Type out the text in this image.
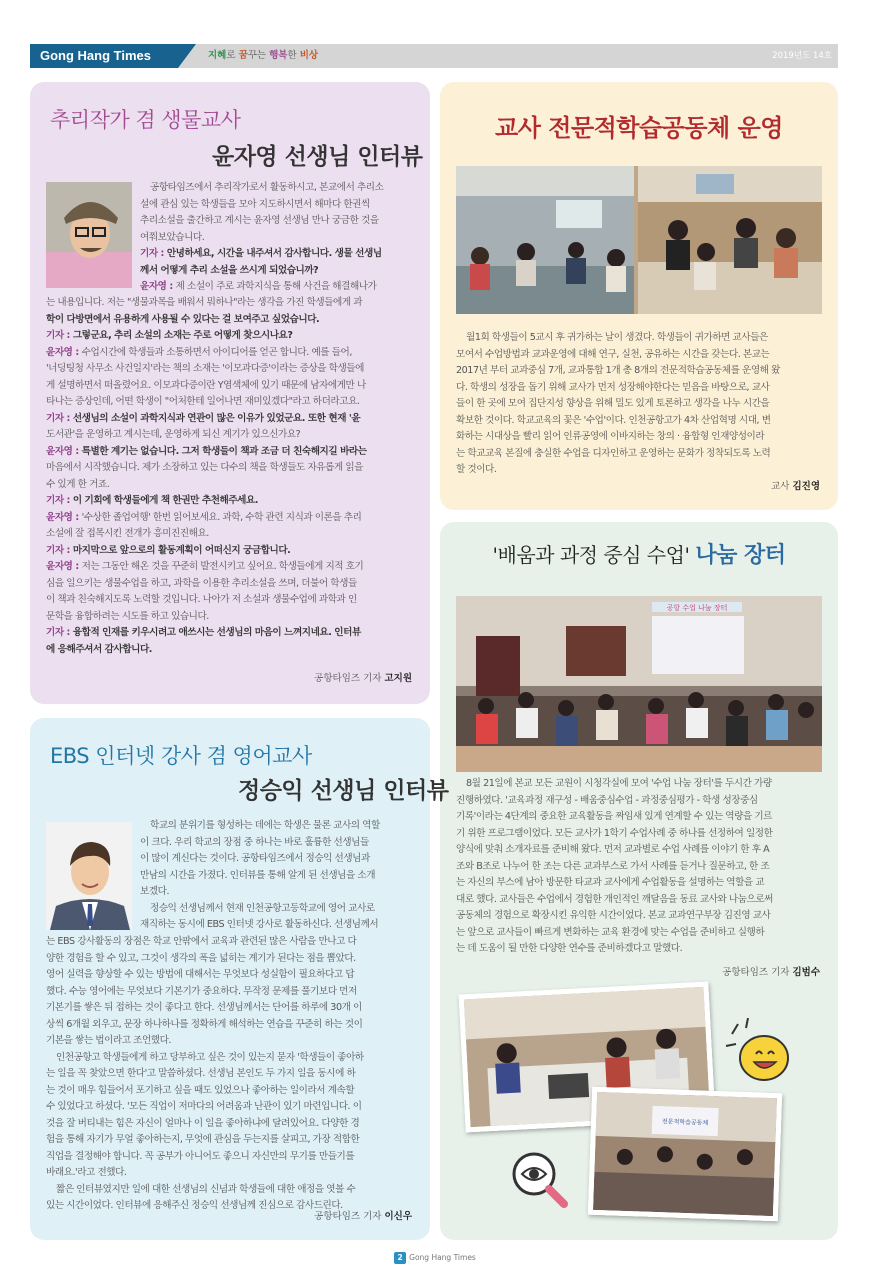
Gong Hang Times	지혜로 꿈꾸는 행복한 비상	2019년도 14호
추리작가 겸 생물교사
윤자영 선생님 인터뷰

공항타임즈에서 추리작가로서 활동하시고, 본교에서 추리소

설에 관심 있는 학생들을 모아 지도하시면서 해마다 한권씩

추리소설을 출간하고 계시는 윤자영 선생님 만나 궁금한 것을

여쭤보았습니다.

기자 : 안녕하세요, 시간을 내주셔서 감사합니다. 생물 선생님

께서 어떻게 추리 소설을 쓰시게 되었습니까?

윤자영 : 제 소설이 주로 과학지식을 통해 사건을 해결해나가

는 내용입니다. 저는 "생물과목을 배워서 뭐하나"라는 생각을 가진 학생들에게 과

학이 다방면에서 유용하게 사용될 수 있다는 걸 보여주고 싶었습니다.

기자 : 그렇군요, 추리 소설의 소재는 주로 어떻게 찾으시나요?

윤자영 : 수업시간에 학생들과 소통하면서 아이디어를 얻곤 합니다. 예를 들어,

'너딩팅청 사무소 사건일지'라는 책의 소재는 '이모과다증'이라는 증상을 학생들에

게 설명하면서 떠올렸어요. 이모과다증이란 Y염색체에 있기 때문에 남자에게만 나

타나는 증상인데, 어떤 학생이 "어처한테 일어나면 재미있겠다"라고 하더라고요.

기자 : 선생님의 소설이 과학지식과 연관이 많은 이유가 있었군요. 또한 현재 '윤

도서관'을 운영하고 계시는데, 운영하게 되신 계기가 있으신가요?

윤자영 : 특별한 계기는 없습니다. 그저 학생들이 책과 조금 더 친숙해지길 바라는

마음에서 시작했습니다. 제가 소장하고 있는 다수의 책을 학생들도 자유롭게 읽을

수 있게 한 거죠.

기자 : 이 기회에 학생들에게 책 한권만 추천해주세요.

윤자영 : '수상한 졸업여행' 한번 읽어보세요. 과학, 수학 관련 지식과 이론을 추리

소설에 잘 접목시킨 전개가 흥미진진해요.

기자 : 마지막으로 앞으로의 활동계획이 어떠신지 궁금합니다.

윤자영 : 저는 그동안 해온 것을 꾸준히 발전시키고 싶어요. 학생들에게 지적 호기

심을 일으키는 생물수업을 하고, 과학을 이용한 추리소설을 쓰며, 더불어 학생들

이 책과 친숙해지도록 노력할 것입니다. 나아가 저 소설과 생물수업에 과학과 인

문학을 융합하려는 시도를 하고 있습니다.

기자 : 융합적 인재를 키우시려고 애쓰시는 선생님의 마음이 느껴지네요. 인터뷰

에 응해주셔서 감사합니다.

공항타임즈 기자 고지원
EBS 인터넷 강사 겸 영어교사
정승익 선생님 인터뷰

학교의 분위기를 형성하는 데에는 학생은 물론 교사의 역할

이 크다. 우리 학교의 장점 중 하나는 바로 훌륭한 선생님들

이 많이 계신다는 것이다. 공항타임즈에서 정승익 선생님과

만남의 시간을 가졌다. 인터뷰를 통해 알게 된 선생님을 소개

보겠다.

정승익 선생님께서 현재 인천공항고등학교에 영어 교사로

재직하는 동시에 EBS 인터넷 강사로 활동하신다. 선생님께서

는 EBS 강사활동의 장점은 학교 안팎에서 교육과 관련된 많은 사람을 만나고 다

양한 경험을 할 수 있고, 그것이 생각의 폭을 넓히는 계기가 된다는 점을 뽑았다.

영어 실력을 향상할 수 있는 방법에 대해서는 무엇보다 성실함이 필요하다고 답

했다. 수능 영어에는 무엇보다 기본기가 중요하다. 무작정 문제를 풀기보다 먼저

기본기를 쌓은 뒤 접하는 것이 좋다고 한다. 선생님께서는 단어를 하루에 30개 이

상씩 6개월 외우고, 문장 하나하나를 정확하게 해석하는 연습을 꾸준히 하는 것이

기본을 쌓는 법이라고 조언했다.

인천공항고 학생들에게 하고 당부하고 싶은 것이 있는지 묻자 '학생들이 좋아하

는 일을 꼭 찾았으면 한다'고 말씀하셨다. 선생님 본인도 두 가지 일을 동시에 하

는 것이 매우 힘들어서 포기하고 싶을 때도 있었으나 좋아하는 일이라서 계속할

수 있었다고 하셨다. '모든 직업이 저마다의 어려움과 난관이 있기 마련입니다. 이

것을 잘 버티내는 힘은 자신이 얼마나 이 일을 좋아하냐에 달려있어요. 다양한 경

험을 통해 자기가 무얼 좋아하는지, 무엇에 관심을 두는지를 살피고, 가장 적합한

직업을 결정해야 합니다. 꼭 공부가 아니어도 좋으니 자신만의 무기를 만들기를

바래요.'라고 전했다.

짧은 인터뷰였지만 일에 대한 선생님의 신념과 학생들에 대한 애정을 엿볼 수

있는 시간이었다. 인터뷰에 응해주신 정승익 선생님께 진심으로 감사드린다.

공항타임즈 기자 이신우
교사 전문적학습공동체 운영

월1회 학생들이 5교시 후 귀가하는 날이 생겼다. 학생들이 귀가하면 교사들은

모여서 수업방법과 교과운영에 대해 연구, 실천, 공유하는 시간을 갖는다. 본교는

2017년 부터 교과중심 7개, 교과통합 1개 총 8개의 전문적학습공동체를 운영해 왔

다. 학생의 성장을 돕기 위해 교사가 먼저 성장해야한다는 믿음을 바탕으로, 교사

들이 한 곳에 모여 집단지성 향상을 위해 밀도 있게 토론하고 생각을 나누 시간을

확보한 것이다. 학교교육의 꽃은 '수업'이다. 인천공항고가 4차 산업혁명 시대, 변

화하는 시대상을 빨리 읽어 인류공영에 이바지하는 창의 · 융합형 인재양성이라

는 학교교육 본질에 충실한 수업을 디자인하고 운영하는 문화가 정착되도록 노력

할 것이다.

교사 김진영
'배움과 과정 중심 수업' 나눔 장터
공항 수업 나눔 장터

8월 21일에 본교 모든 교원이 시청각실에 모여 '수업 나눔 장터'를 두시간 가량

진행하였다. '교육과정 재구성 - 배움중심수업 - 과정중심평가 - 학생 성장중심

기록'이라는 4단계의 중요한 교육활동을 짜임새 있게 연계할 수 있는 역량을 기르

기 위한 프로그램이었다. 모든 교사가 1학기 수업사례 중 하나를 선정하여 일정한

양식에 맞춰 소개자료를 준비해 왔다. 먼저 교과별로 수업 사례를 이야기 한 후 A

조와 B조로 나누어 한 조는 다른 교과부스로 가서 사례를 듣거나 질문하고, 한 조

는 자신의 부스에 남아 방문한 타교과 교사에게 수업활동을 설명하는 역할을 교

대로 했다. 교사들은 수업에서 경험한 개인적인 깨달음을 동료 교사와 나눔으로써

공동체의 경험으로 확장시킨 유익한 시간이었다. 본교 교과연구부장 김진영 교사

는 앞으로 교사들이 빠르게 변화하는 교육 환경에 맞는 수업을 준비하고 실행하

는 데 도움이 될 만한 다양한 연수를 준비하겠다고 말했다.

공항타임즈 기자 김범수
전문적학습공동체
2 Gong Hang Times
